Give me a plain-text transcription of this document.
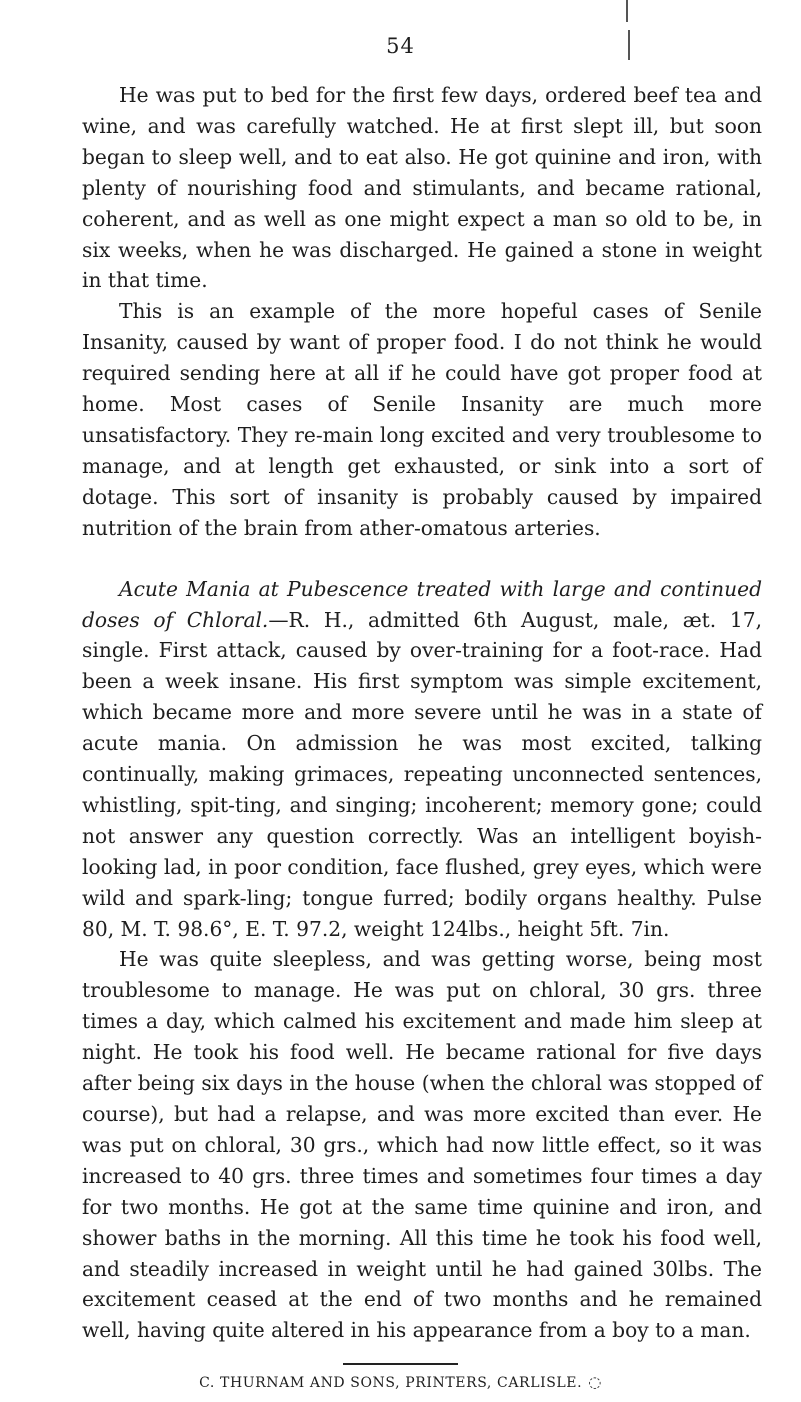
54

He was put to bed for the first few days, ordered beef tea and wine, and was carefully watched. He at first slept ill, but soon began to sleep well, and to eat also. He got quinine and iron, with plenty of nourishing food and stimulants, and became rational, coherent, and as well as one might expect a man so old to be, in six weeks, when he was discharged. He gained a stone in weight in that time.

This is an example of the more hopeful cases of Senile Insanity, caused by want of proper food. I do not think he would required sending here at all if he could have got proper food at home. Most cases of Senile Insanity are much more unsatisfactory. They re-main long excited and very troublesome to manage, and at length get exhausted, or sink into a sort of dotage. This sort of insanity is probably caused by impaired nutrition of the brain from ather-omatous arteries.

Acute Mania at Pubescence treated with large and continued doses of Chloral.—R. H., admitted 6th August, male, æt. 17, single. First attack, caused by over-training for a foot-race. Had been a week insane. His first symptom was simple excitement, which became more and more severe until he was in a state of acute mania. On admission he was most excited, talking continually, making grimaces, repeating unconnected sentences, whistling, spit-ting, and singing; incoherent; memory gone; could not answer any question correctly. Was an intelligent boyish-looking lad, in poor condition, face flushed, grey eyes, which were wild and spark-ling; tongue furred; bodily organs healthy. Pulse 80, M. T. 98.6°, E. T. 97.2, weight 124lbs., height 5ft. 7in.

He was quite sleepless, and was getting worse, being most troublesome to manage. He was put on chloral, 30 grs. three times a day, which calmed his excitement and made him sleep at night. He took his food well. He became rational for five days after being six days in the house (when the chloral was stopped of course), but had a relapse, and was more excited than ever. He was put on chloral, 30 grs., which had now little effect, so it was increased to 40 grs. three times and sometimes four times a day for two months. He got at the same time quinine and iron, and shower baths in the morning. All this time he took his food well, and steadily increased in weight until he had gained 30lbs. The excitement ceased at the end of two months and he remained well, having quite altered in his appearance from a boy to a man.

C. THURNAM AND SONS, PRINTERS, CARLISLE. ◌
